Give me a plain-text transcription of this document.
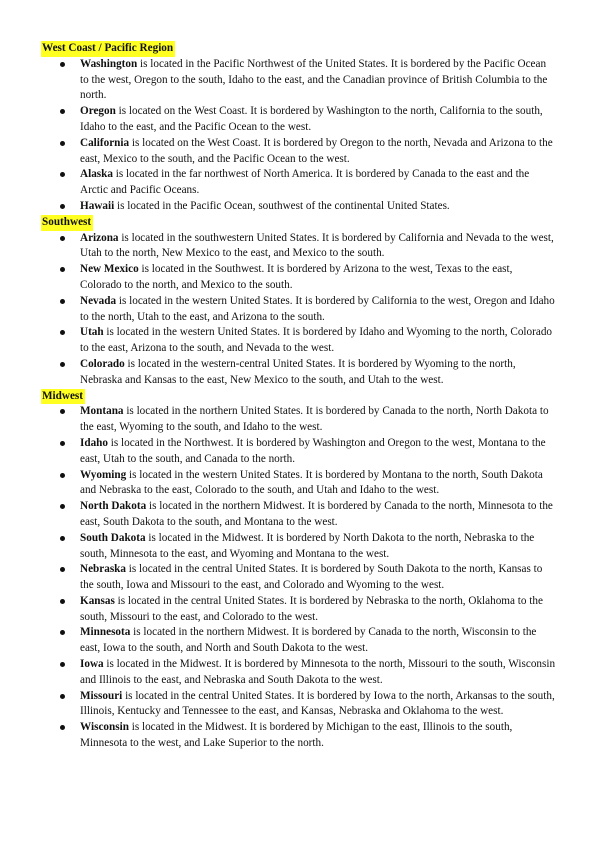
West Coast / Pacific Region
Washington is located in the Pacific Northwest of the United States. It is bordered by the Pacific Ocean to the west, Oregon to the south, Idaho to the east, and the Canadian province of British Columbia to the north.
Oregon is located on the West Coast. It is bordered by Washington to the north, California to the south, Idaho to the east, and the Pacific Ocean to the west.
California is located on the West Coast. It is bordered by Oregon to the north, Nevada and Arizona to the east, Mexico to the south, and the Pacific Ocean to the west.
Alaska is located in the far northwest of North America. It is bordered by Canada to the east and the Arctic and Pacific Oceans.
Hawaii is located in the Pacific Ocean, southwest of the continental United States.
Southwest
Arizona is located in the southwestern United States. It is bordered by California and Nevada to the west, Utah to the north, New Mexico to the east, and Mexico to the south.
New Mexico is located in the Southwest. It is bordered by Arizona to the west, Texas to the east, Colorado to the north, and Mexico to the south.
Nevada is located in the western United States. It is bordered by California to the west, Oregon and Idaho to the north, Utah to the east, and Arizona to the south.
Utah is located in the western United States. It is bordered by Idaho and Wyoming to the north, Colorado to the east, Arizona to the south, and Nevada to the west.
Colorado is located in the western-central United States. It is bordered by Wyoming to the north, Nebraska and Kansas to the east, New Mexico to the south, and Utah to the west.
Midwest
Montana is located in the northern United States. It is bordered by Canada to the north, North Dakota to the east, Wyoming to the south, and Idaho to the west.
Idaho is located in the Northwest. It is bordered by Washington and Oregon to the west, Montana to the east, Utah to the south, and Canada to the north.
Wyoming is located in the western United States. It is bordered by Montana to the north, South Dakota and Nebraska to the east, Colorado to the south, and Utah and Idaho to the west.
North Dakota is located in the northern Midwest. It is bordered by Canada to the north, Minnesota to the east, South Dakota to the south, and Montana to the west.
South Dakota is located in the Midwest. It is bordered by North Dakota to the north, Nebraska to the south, Minnesota to the east, and Wyoming and Montana to the west.
Nebraska is located in the central United States. It is bordered by South Dakota to the north, Kansas to the south, Iowa and Missouri to the east, and Colorado and Wyoming to the west.
Kansas is located in the central United States. It is bordered by Nebraska to the north, Oklahoma to the south, Missouri to the east, and Colorado to the west.
Minnesota is located in the northern Midwest. It is bordered by Canada to the north, Wisconsin to the east, Iowa to the south, and North and South Dakota to the west.
Iowa is located in the Midwest. It is bordered by Minnesota to the north, Missouri to the south, Wisconsin and Illinois to the east, and Nebraska and South Dakota to the west.
Missouri is located in the central United States. It is bordered by Iowa to the north, Arkansas to the south, Illinois, Kentucky and Tennessee to the east, and Kansas, Nebraska and Oklahoma to the west.
Wisconsin is located in the Midwest. It is bordered by Michigan to the east, Illinois to the south, Minnesota to the west, and Lake Superior to the north.
